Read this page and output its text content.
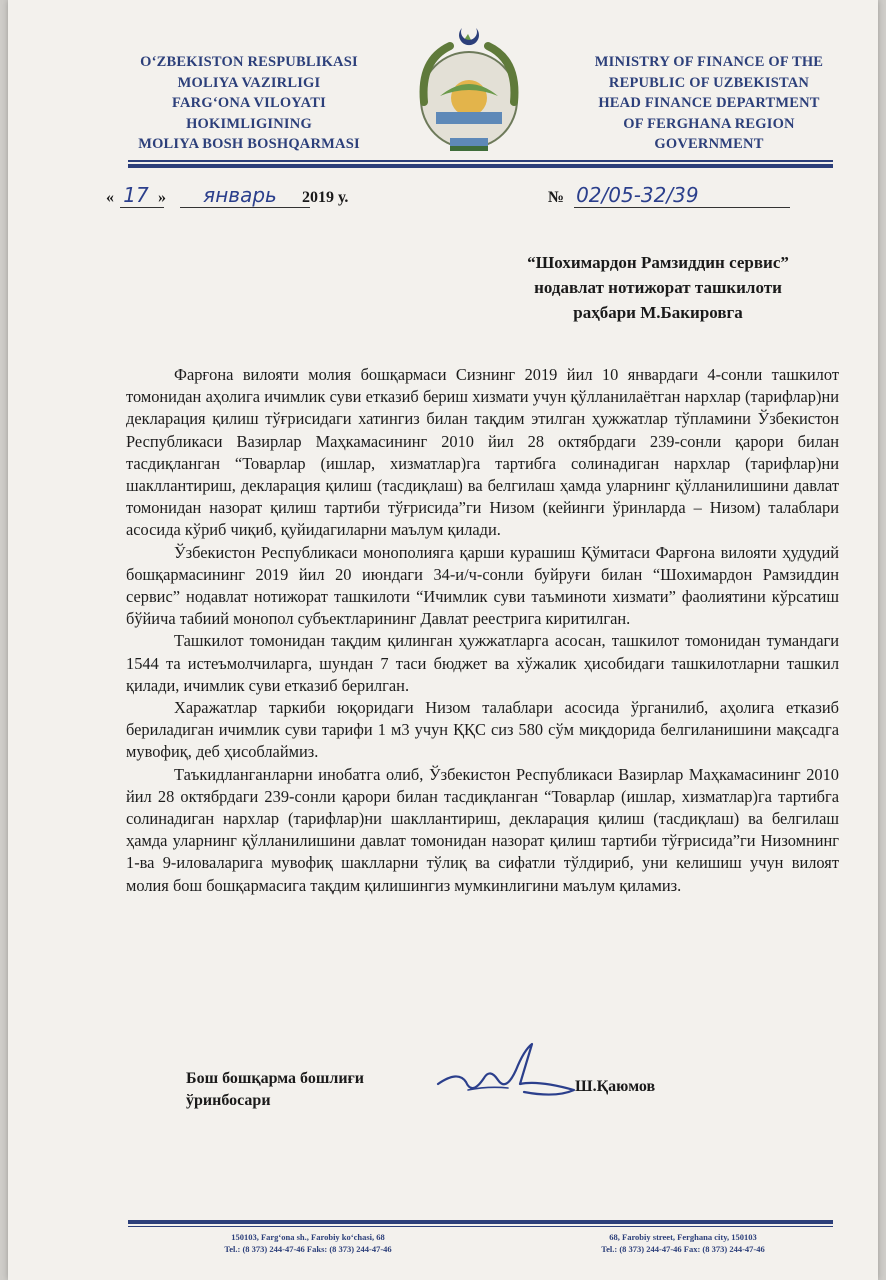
O‘ZBEKISTON RESPUBLIKASI
MOLIYA VAZIRLIGI
FARG‘ONA VILOYATI
HOKIMLIGINING
MOLIYA BOSH BOSHQARMASI
MINISTRY OF FINANCE OF THE
REPUBLIC OF UZBEKISTAN
HEAD FINANCE DEPARTMENT
OF FERGHANA REGION
GOVERNMENT
« 17 » январь 2019 у.	№ 02/05-32/39
“Шохимардон Рамзиддин сервис”
нодавлат нотижорат ташкилоти
раҳбари М.Бакировга

Фарғона вилояти молия бошқармаси Сизнинг 2019 йил 10 январдаги 4-сонли ташкилот томонидан аҳолига ичимлик суви етказиб бериш хизмати учун қўлланилаётган нархлар (тарифлар)ни декларация қилиш тўғрисидаги хатингиз билан тақдим этилган ҳужжатлар тўпламини Ўзбекистон Республикаси Вазирлар Маҳкамасининг 2010 йил 28 октябрдаги 239-сонли қарори билан тасдиқланган “Товарлар (ишлар, хизматлар)га тартибга солинадиган нархлар (тарифлар)ни шакллантириш, декларация қилиш (тасдиқлаш) ва белгилаш ҳамда уларнинг қўлланилишини давлат томонидан назорат қилиш тартиби тўғрисида”ги Низом (кейинги ўринларда – Низом) талаблари асосида кўриб чиқиб, қуйидагиларни маълум қилади.

Ўзбекистон Республикаси монополияга қарши курашиш Қўмитаси Фарғона вилояти ҳудудий бошқармасининг 2019 йил 20 июндаги 34-и/ч-сонли буйруғи билан “Шохимардон Рамзиддин сервис” нодавлат нотижорат ташкилоти “Ичимлик суви таъминоти хизмати” фаолиятини кўрсатиш бўйича табиий монопол субъектларининг Давлат реестрига киритилган.

Ташкилот томонидан тақдим қилинган ҳужжатларга асосан, ташкилот томонидан тумандаги 1544 та истеъмолчиларга, шундан 7 таси бюджет ва хўжалик ҳисобидаги ташкилотларни ташкил қилади, ичимлик суви етказиб берилган.

Харажатлар таркиби юқоридаги Низом талаблари асосида ўрганилиб, аҳолига етказиб бериладиган ичимлик суви тарифи 1 м3 учун ҚҚС сиз 580 сўм миқдорида белгиланишини мақсадга мувофиқ, деб ҳисоблаймиз.

Таъкидланганларни инобатга олиб, Ўзбекистон Республикаси Вазирлар Маҳкамасининг 2010 йил 28 октябрдаги 239-сонли қарори билан тасдиқланган “Товарлар (ишлар, хизматлар)га тартибга солинадиган нархлар (тарифлар)ни шакллантириш, декларация қилиш (тасдиқлаш) ва белгилаш ҳамда уларнинг қўлланилишини давлат томонидан назорат қилиш тартиби тўғрисида”ги Низомнинг 1-ва 9-иловаларига мувофиқ шаклларни тўлиқ ва сифатли тўлдириб, уни келишиш учун вилоят молия бош бошқармасига тақдим қилишингиз мумкинлигини маълум қиламиз.

Бош бошқарма бошлиғи
ўринбосари
Ш.Қаюмов
150103, Farg‘ona sh., Farobiy ko‘chasi, 68
Tel.: (8 373) 244-47-46 Faks: (8 373) 244-47-46
68, Farobiy street, Ferghana city, 150103
Tel.: (8 373) 244-47-46 Fax: (8 373) 244-47-46
